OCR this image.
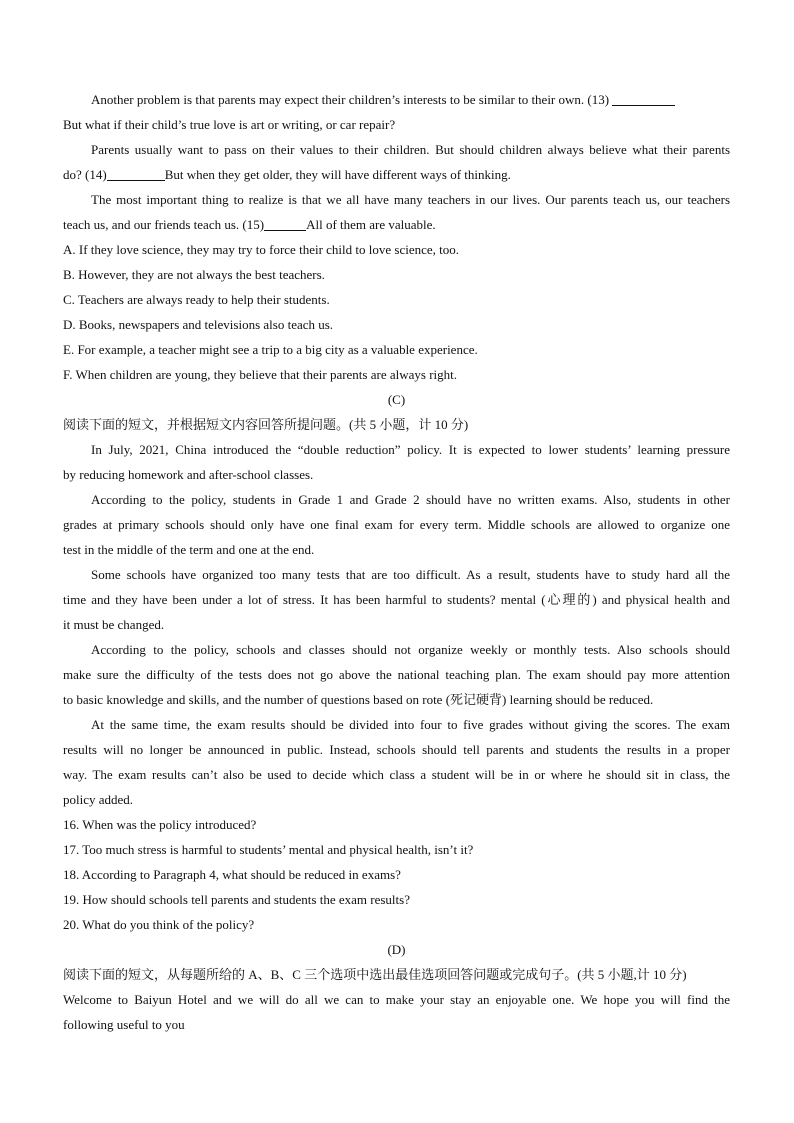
Another problem is that parents may expect their children’s interests to be similar to their own. (13)
But what if their child’s true love is art or writing, or car repair?
Parents usually want to pass on their values to their children. But should children always believe what their parents
do? (14)	But when they get older, they will have different ways of thinking.
The most important thing to realize is that we all have many teachers in our lives. Our parents teach us, our teachers
teach us, and our friends teach us. (15)	All of them are valuable.
A. If they love science, they may try to force their child to love science, too.
B. However, they are not always the best teachers.
C. Teachers are always ready to help their students.
D. Books, newspapers and televisions also teach us.
E. For example, a teacher might see a trip to a big city as a valuable experience.
F. When children are young, they believe that their parents are always right.
(C)
阅读下面的短文，并根据短文内容回答所提问题。(共 5 小题，计 10 分)
In July, 2021, China introduced the “double reduction” policy. It is expected to lower students’ learning pressure
by reducing homework and after-school classes.
According to the policy, students in Grade 1 and Grade 2 should have no written exams. Also, students in other
grades at primary schools should only have one final exam for every term. Middle schools are allowed to organize one
test in the middle of the term and one at the end.
Some schools have organized too many tests that are too difficult. As a result, students have to study hard all the
time and they have been under a lot of stress. It has been harmful to students? mental (心理的) and physical health and
it must be changed.
According to the policy, schools and classes should not organize weekly or monthly tests. Also schools should
make sure the difficulty of the tests does not go above the national teaching plan. The exam should pay more attention
to basic knowledge and skills, and the number of questions based on rote (死记硬背) learning should be reduced.
At the same time, the exam results should be divided into four to five grades without giving the scores. The exam
results will no longer be announced in public. Instead, schools should tell parents and students the results in a proper
way. The exam results can’t also be used to decide which class a student will be in or where he should sit in class, the
policy added.
16. When was the policy introduced?
17. Too much stress is harmful to students’ mental and physical health, isn’t it?
18. According to Paragraph 4, what should be reduced in exams?
19. How should schools tell parents and students the exam results?
20. What do you think of the policy?
(D)
阅读下面的短文，从每题所给的 A、B、C 三个选项中选出最佳选项回答问题或完成句子。(共 5 小题,计 10 分)
Welcome to Baiyun Hotel and we will do all we can to make your stay an enjoyable one. We hope you will find the
following useful to you
